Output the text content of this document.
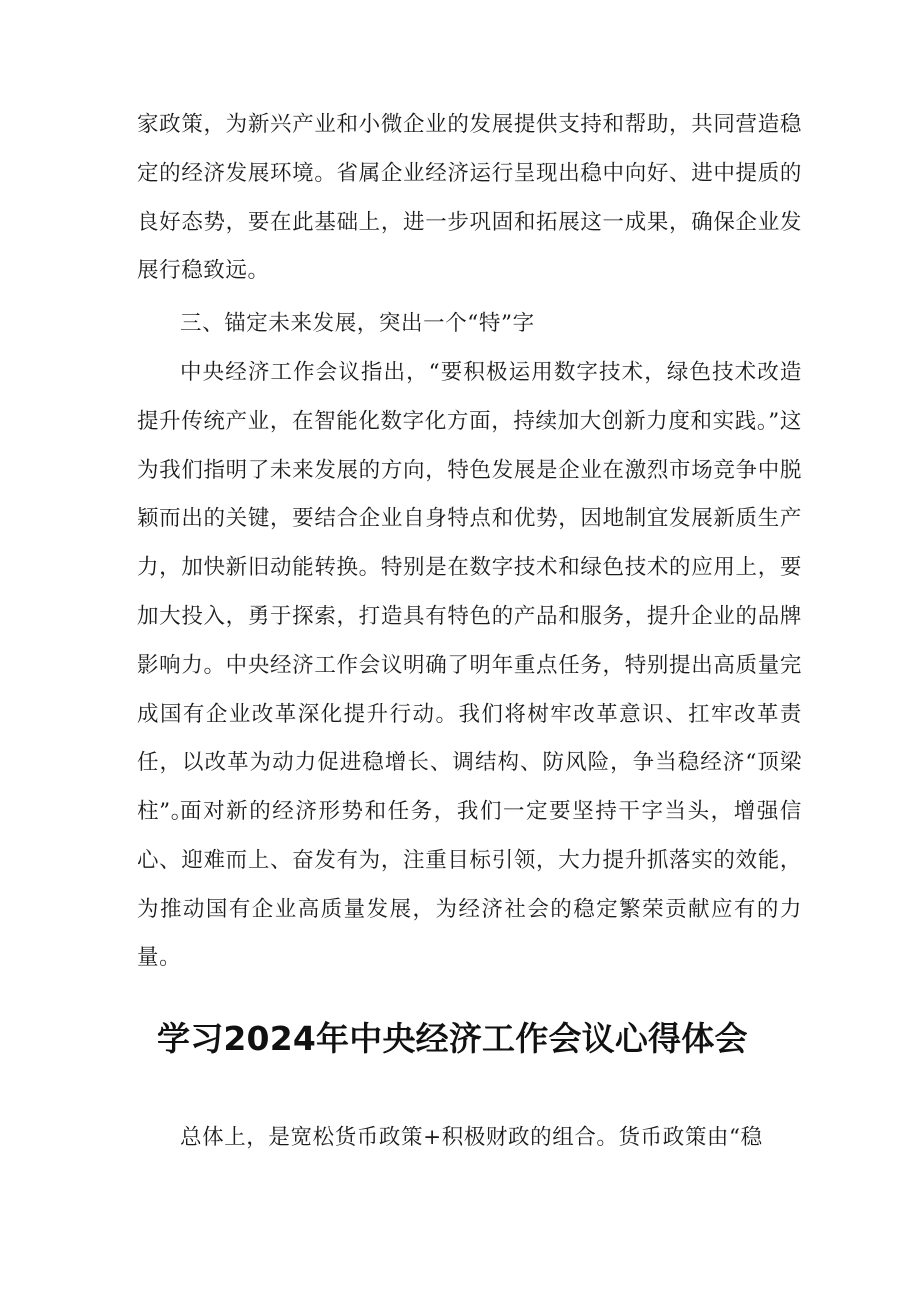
家政策，为新兴产业和小微企业的发展提供支持和帮助，共同营造稳定的经济发展环境。省属企业经济运行呈现出稳中向好、进中提质的良好态势，要在此基础上，进一步巩固和拓展这一成果，确保企业发展行稳致远。

三、锚定未来发展，突出一个“特”字

中央经济工作会议指出，“要积极运用数字技术，绿色技术改造提升传统产业，在智能化数字化方面，持续加大创新力度和实践。”这为我们指明了未来发展的方向，特色发展是企业在激烈市场竞争中脱颖而出的关键，要结合企业自身特点和优势，因地制宜发展新质生产力，加快新旧动能转换。特别是在数字技术和绿色技术的应用上，要加大投入，勇于探索，打造具有特色的产品和服务，提升企业的品牌影响力。中央经济工作会议明确了明年重点任务，特别提出高质量完成国有企业改革深化提升行动。我们将树牢改革意识、扛牢改革责任，以改革为动力促进稳增长、调结构、防风险，争当稳经济“顶梁柱”。

面对新的经济形势和任务，我们一定要坚持干字当头，增强信心、迎难而上、奋发有为，注重目标引领，大力提升抓落实的效能，为推动国有企业高质量发展，为经济社会的稳定繁荣贡献应有的力量。

学习2024年中央经济工作会议心得体会

总体上，是宽松货币政策+积极财政的组合。货币政策由“稳
